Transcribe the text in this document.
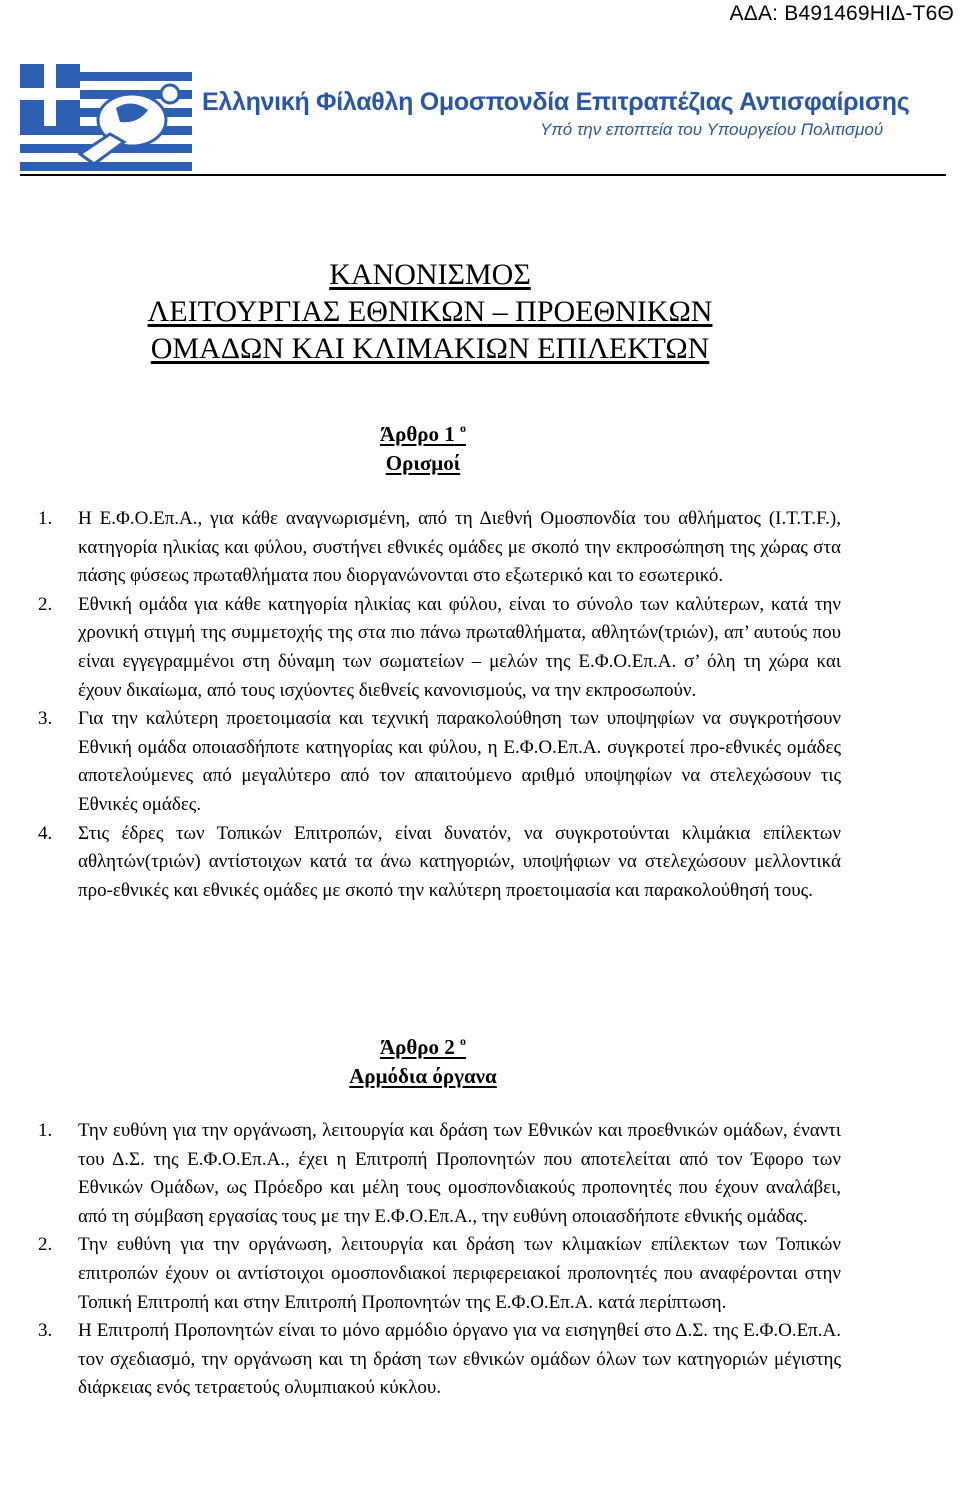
ΑΔΑ: Β491469ΗΙΔ-Τ6Θ
Ελληνική Φίλαθλη Ομοσπονδία Επιτραπέζιας Αντισφαίρισης
Υπό την εποπτεία του Υπουργείου Πολιτισμού
ΚΑΝΟΝΙΣΜΟΣ
ΛΕΙΤΟΥΡΓΙΑΣ ΕΘΝΙΚΩΝ – ΠΡΟΕΘΝΙΚΩΝ
ΟΜΑΔΩΝ ΚΑΙ ΚΛΙΜΑΚΙΩΝ ΕΠΙΛΕΚΤΩΝ
Άρθρο 1 $^o$
Ορισμοί
1. Η Ε.Φ.Ο.Επ.Α., για κάθε αναγνωρισμένη, από τη Διεθνή Ομοσπονδία του αθλήματος (Ι.Τ.Τ.F.), κατηγορία ηλικίας και φύλου, συστήνει εθνικές ομάδες με σκοπό την εκπροσώπηση της χώρας στα πάσης φύσεως πρωταθλήματα που διοργανώνονται στο εξωτερικό και το εσωτερικό.
2. Εθνική ομάδα για κάθε κατηγορία ηλικίας και φύλου, είναι το σύνολο των καλύτερων, κατά την χρονική στιγμή της συμμετοχής της στα πιο πάνω πρωταθλήματα, αθλητών(τριών), απ’ αυτούς που είναι εγγεγραμμένοι στη δύναμη των σωματείων – μελών της Ε.Φ.Ο.Επ.Α. σ’ όλη τη χώρα και έχουν δικαίωμα, από τους ισχύοντες διεθνείς κανονισμούς, να την εκπροσωπούν.
3. Για την καλύτερη προετοιμασία και τεχνική παρακολούθηση των υποψηφίων να συγκροτήσουν Εθνική ομάδα οποιασδήποτε κατηγορίας και φύλου, η Ε.Φ.Ο.Επ.Α. συγκροτεί προ-εθνικές ομάδες αποτελούμενες από μεγαλύτερο από τον απαιτούμενο αριθμό υποψηφίων να στελεχώσουν τις Εθνικές ομάδες.
4. Στις έδρες των Τοπικών Επιτροπών, είναι δυνατόν, να συγκροτούνται κλιμάκια επίλεκτων αθλητών(τριών) αντίστοιχων κατά τα άνω κατηγοριών, υποψήφιων να στελεχώσουν μελλοντικά προ-εθνικές και εθνικές ομάδες με σκοπό την καλύτερη προετοιμασία και παρακολούθησή τους.
Άρθρο 2 $^o$
Αρμόδια όργανα
1. Την ευθύνη για την οργάνωση, λειτουργία και δράση των Εθνικών και προεθνικών ομάδων, έναντι του Δ.Σ. της Ε.Φ.Ο.Επ.Α., έχει η Επιτροπή Προπονητών που αποτελείται από τον Έφορο των Εθνικών Ομάδων, ως Πρόεδρο και μέλη τους ομοσπονδιακούς προπονητές που έχουν αναλάβει, από τη σύμβαση εργασίας τους με την Ε.Φ.Ο.Επ.Α., την ευθύνη οποιασδήποτε εθνικής ομάδας.
2. Την ευθύνη για την οργάνωση, λειτουργία και δράση των κλιμακίων επίλεκτων των Τοπικών επιτροπών έχουν οι αντίστοιχοι ομοσπονδιακοί περιφερειακοί προπονητές που αναφέρονται στην Τοπική Επιτροπή και στην Επιτροπή Προπονητών της Ε.Φ.Ο.Επ.Α. κατά περίπτωση.
3. Η Επιτροπή Προπονητών είναι το μόνο αρμόδιο όργανο για να εισηγηθεί στο Δ.Σ. της Ε.Φ.Ο.Επ.Α. τον σχεδιασμό, την οργάνωση και τη δράση των εθνικών ομάδων όλων των κατηγοριών μέγιστης διάρκειας ενός τετραετούς ολυμπιακού κύκλου.
